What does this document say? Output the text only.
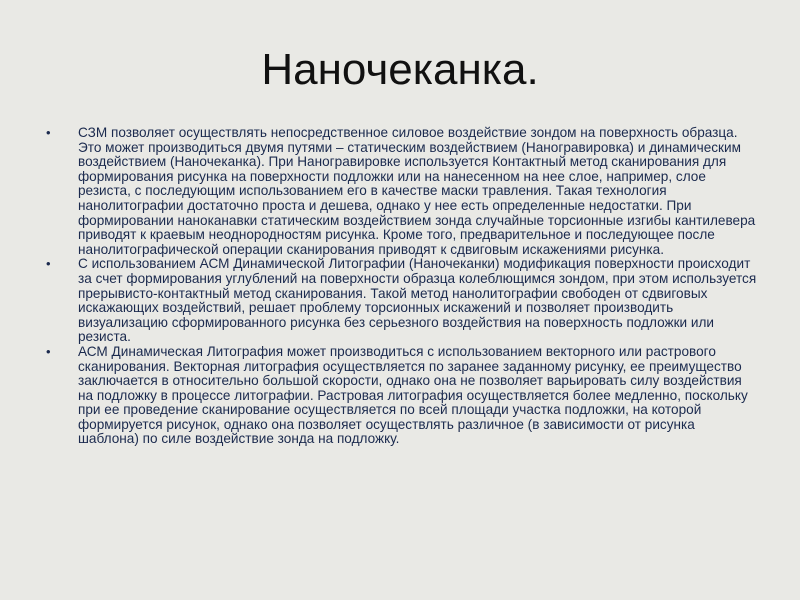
Наночеканка.
•	СЗМ позволяет осуществлять непосредственное силовое воздействие зондом на поверхность образца. Это может производиться двумя путями – статическим воздействием (Наногравировка) и динамическим воздействием (Наночеканка). При Наногравировке используется Контактный метод сканирования для формирования рисунка на поверхности подложки или на нанесенном на нее слое, например, слое резиста, с последующим использованием его в качестве маски травления. Такая технология нанолитографии достаточно проста и дешева, однако у нее есть определенные недостатки. При формировании наноканавки статическим воздействием зонда случайные торсионные изгибы кантилевера приводят к краевым неоднородностям рисунка. Кроме того, предварительное и последующее после нанолитографической операции сканирования приводят к сдвиговым искажениями рисунка.
•	С использованием АСМ Динамической Литографии (Наночеканки) модификация поверхности происходит за счет формирования углублений на поверхности образца колеблющимся зондом, при этом используется прерывисто-контактный метод сканирования. Такой метод нанолитографии свободен от сдвиговых искажающих воздействий, решает проблему торсионных искажений и позволяет производить визуализацию сформированного рисунка без серьезного воздействия на поверхность подложки или резиста.
•	АСМ Динамическая Литография может производиться с использованием векторного или растрового сканирования. Векторная литография осуществляется по заранее заданному рисунку, ее преимущество заключается в относительно большой скорости, однако она не позволяет варьировать силу воздействия на подложку в процессе литографии. Растровая литография осуществляется более медленно, поскольку при ее проведение сканирование осуществляется по всей площади участка подложки, на которой формируется рисунок, однако она позволяет осуществлять различное (в зависимости от рисунка шаблона) по силе воздействие зонда на подложку.
